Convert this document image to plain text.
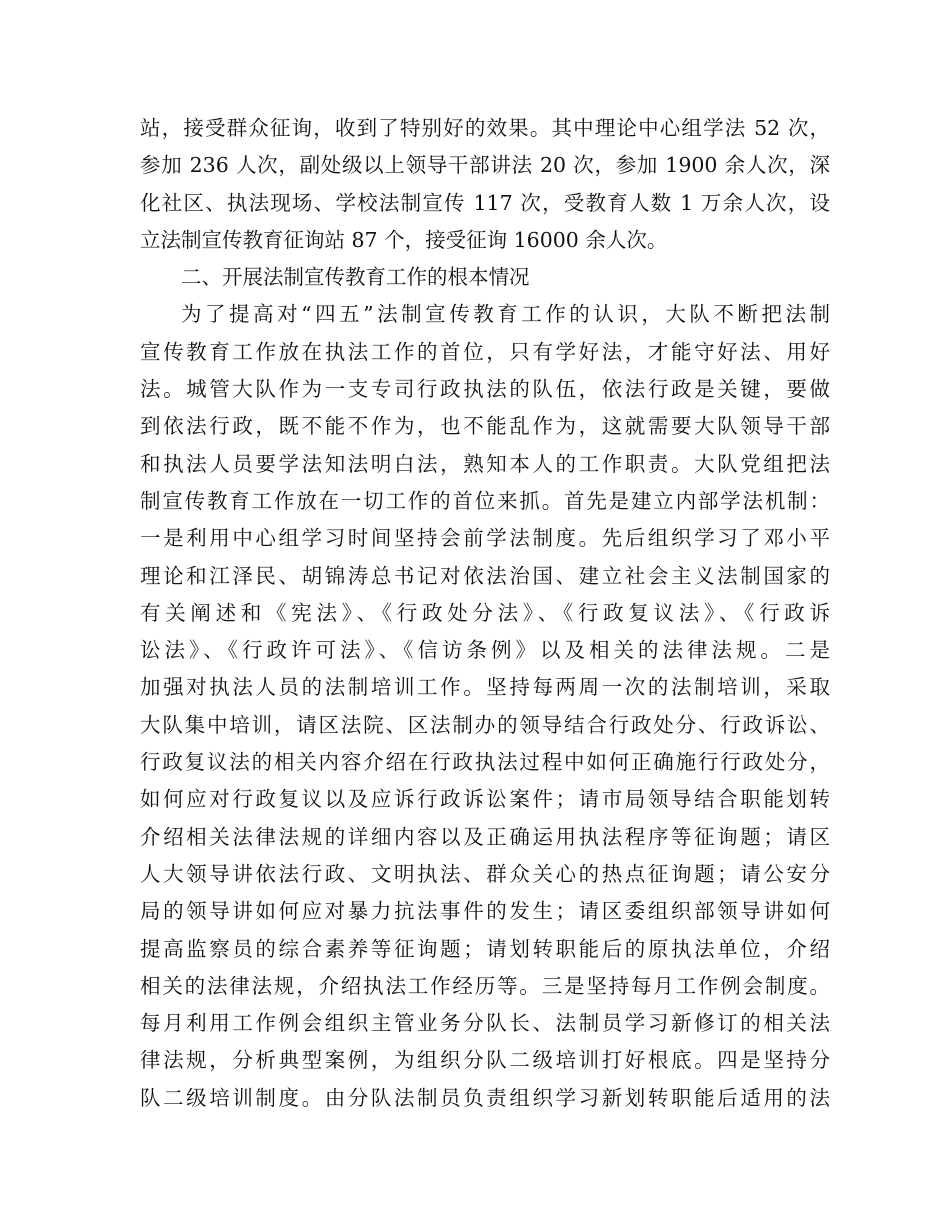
站，接受群众征询，收到了特别好的效果。其中理论中心组学法 52 次，
参加 236 人次，副处级以上领导干部讲法 20 次，参加 1900 余人次，深
化社区、执法现场、学校法制宣传 117 次，受教育人数 1 万余人次，设
立法制宣传教育征询站 87 个，接受征询 16000 余人次。
二、开展法制宣传教育工作的根本情况
为了提高对“四五”法制宣传教育工作的认识，大队不断把法制
宣传教育工作放在执法工作的首位，只有学好法，才能守好法、用好
法。城管大队作为一支专司行政执法的队伍，依法行政是关键，要做
到依法行政，既不能不作为，也不能乱作为，这就需要大队领导干部
和执法人员要学法知法明白法，熟知本人的工作职责。大队党组把法
制宣传教育工作放在一切工作的首位来抓。首先是建立内部学法机制：
一是利用中心组学习时间坚持会前学法制度。先后组织学习了邓小平
理论和江泽民、胡锦涛总书记对依法治国、建立社会主义法制国家的
有关阐述和《宪法》、《行政处分法》、《行政复议法》、《行政诉
讼法》、《行政许可法》、《信访条例》以及相关的法律法规。二是
加强对执法人员的法制培训工作。坚持每两周一次的法制培训，采取
大队集中培训，请区法院、区法制办的领导结合行政处分、行政诉讼、
行政复议法的相关内容介绍在行政执法过程中如何正确施行行政处分，
如何应对行政复议以及应诉行政诉讼案件；请市局领导结合职能划转
介绍相关法律法规的详细内容以及正确运用执法程序等征询题；请区
人大领导讲依法行政、文明执法、群众关心的热点征询题；请公安分
局的领导讲如何应对暴力抗法事件的发生；请区委组织部领导讲如何
提高监察员的综合素养等征询题；请划转职能后的原执法单位，介绍
相关的法律法规，介绍执法工作经历等。三是坚持每月工作例会制度。
每月利用工作例会组织主管业务分队长、法制员学习新修订的相关法
律法规，分析典型案例，为组织分队二级培训打好根底。四是坚持分
队二级培训制度。由分队法制员负责组织学习新划转职能后适用的法
